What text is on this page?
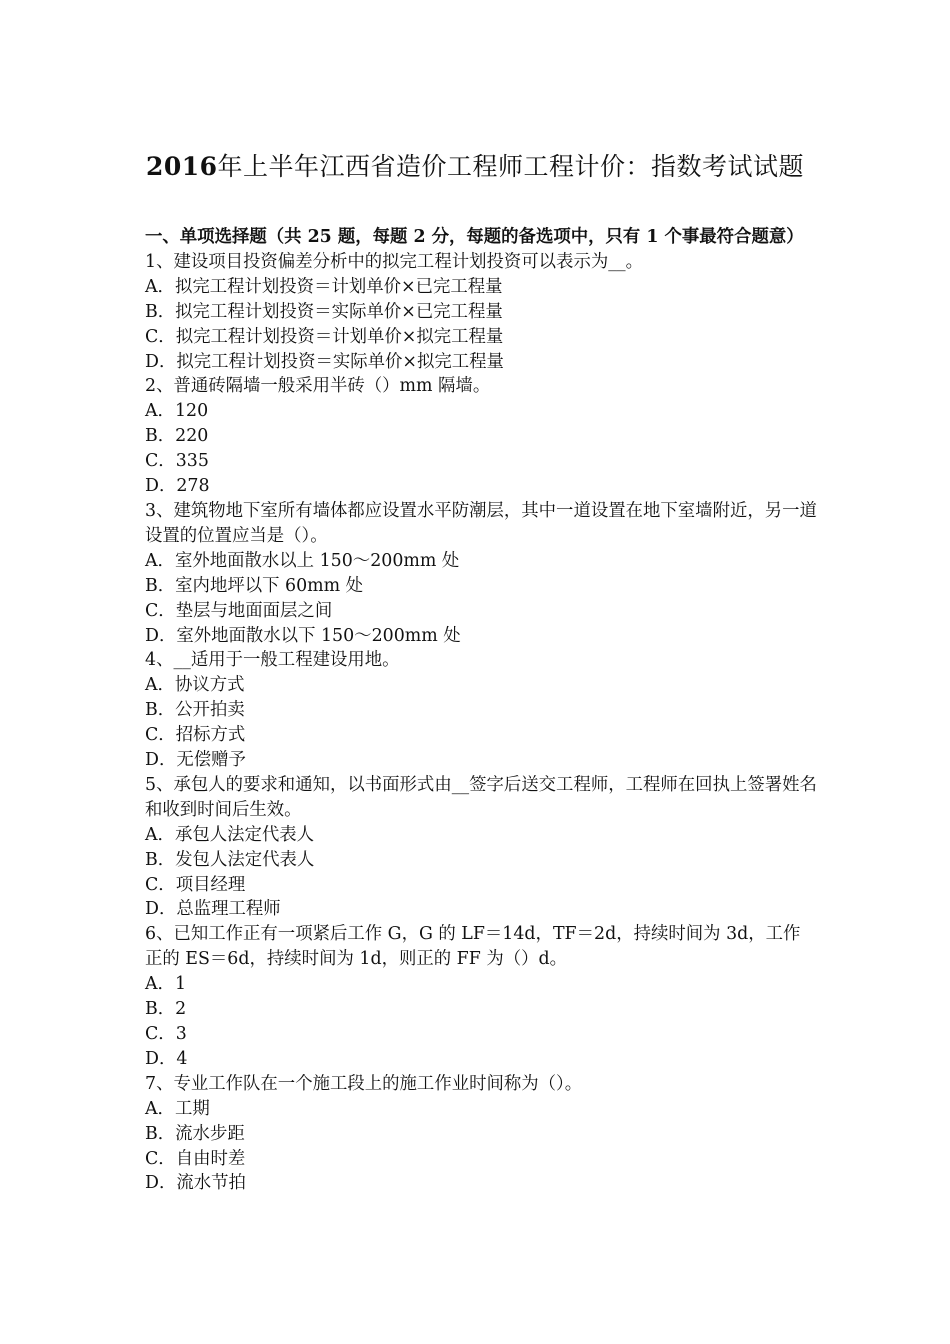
2016年上半年江西省造价工程师工程计价：指数考试试题

一、单项选择题（共 25 题，每题 2 分，每题的备选项中，只有 1 个事最符合题意）

1、建设项目投资偏差分析中的拟完工程计划投资可以表示为__。

A．拟完工程计划投资＝计划单价×已完工程量

B．拟完工程计划投资＝实际单价×已完工程量

C．拟完工程计划投资＝计划单价×拟完工程量

D．拟完工程计划投资＝实际单价×拟完工程量

2、普通砖隔墙一般采用半砖（）mm 隔墙。

A．120

B．220

C．335

D．278

3、建筑物地下室所有墙体都应设置水平防潮层，其中一道设置在地下室墙附近，另一道设置的位置应当是（）。

A．室外地面散水以上 150～200mm 处

B．室内地坪以下 60mm 处

C．垫层与地面面层之间

D．室外地面散水以下 150～200mm 处

4、__适用于一般工程建设用地。

A．协议方式

B．公开拍卖

C．招标方式

D．无偿赠予

5、承包人的要求和通知，以书面形式由__签字后送交工程师，工程师在回执上签署姓名和收到时间后生效。

A．承包人法定代表人

B．发包人法定代表人

C．项目经理

D．总监理工程师

6、已知工作正有一项紧后工作 G，G 的 LF＝14d，TF＝2d，持续时间为 3d，工作正的 ES＝6d，持续时间为 1d，则正的 FF 为（）d。

A．1

B．2

C．3

D．4

7、专业工作队在一个施工段上的施工作业时间称为（）。

A．工期

B．流水步距

C．自由时差

D．流水节拍
